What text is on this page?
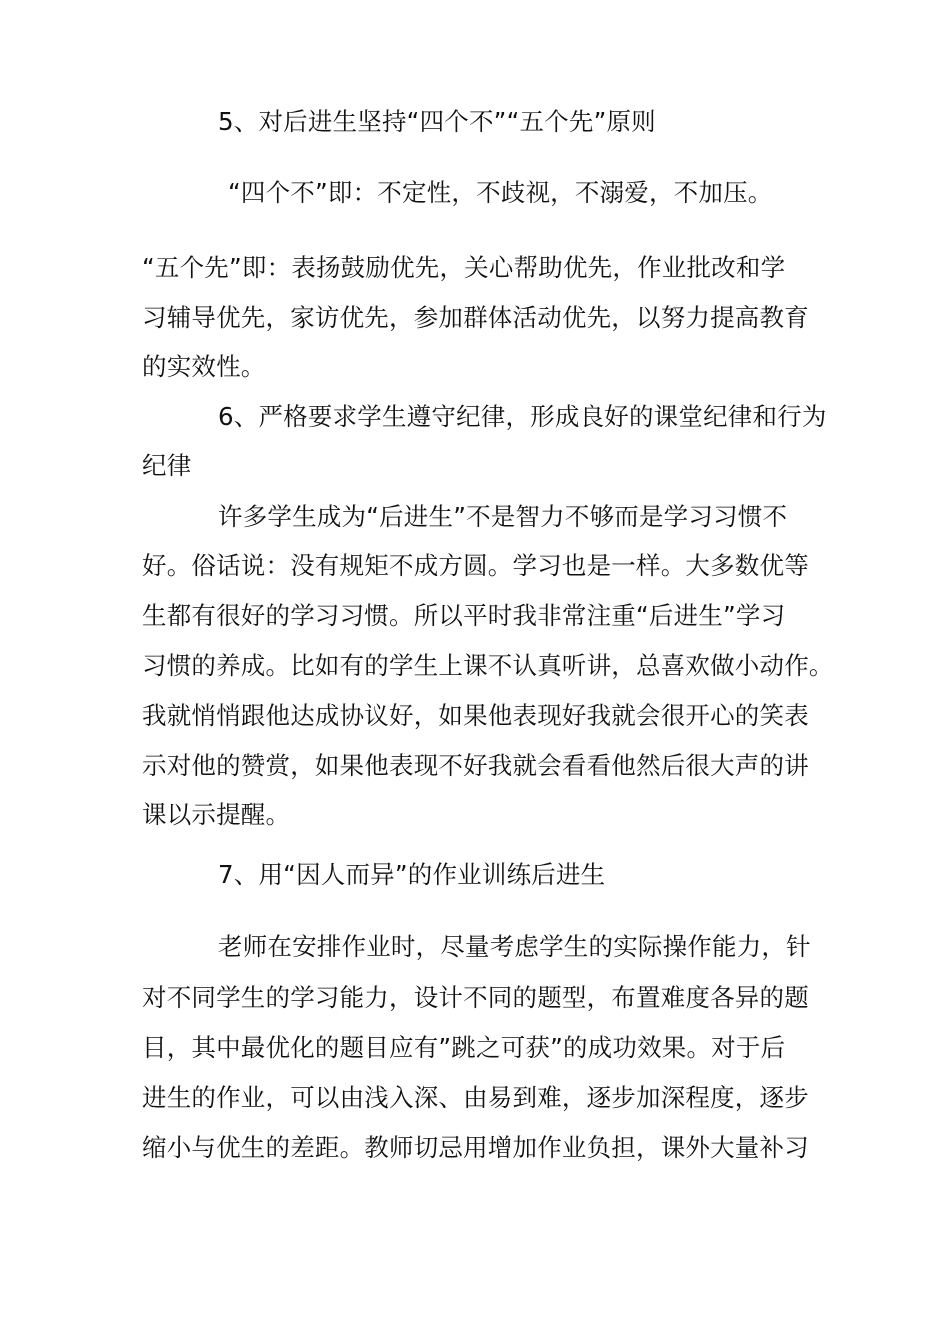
5、对后进生坚持“四个不”“五个先”原则
“四个不”即：不定性，不歧视，不溺爱，不加压。
“五个先”即：表扬鼓励优先，关心帮助优先，作业批改和学
习辅导优先，家访优先，参加群体活动优先，以努力提高教育
的实效性。
6、严格要求学生遵守纪律，形成良好的课堂纪律和行为
纪律
许多学生成为“后进生”不是智力不够而是学习习惯不
好。俗话说：没有规矩不成方圆。学习也是一样。大多数优等
生都有很好的学习习惯。所以平时我非常注重“后进生”学习
习惯的养成。比如有的学生上课不认真听讲，总喜欢做小动作。
我就悄悄跟他达成协议好，如果他表现好我就会很开心的笑表
示对他的赞赏，如果他表现不好我就会看看他然后很大声的讲
课以示提醒。
7、用“因人而异”的作业训练后进生
老师在安排作业时，尽量考虑学生的实际操作能力，针
对不同学生的学习能力，设计不同的题型，布置难度各异的题
目，其中最优化的题目应有”跳之可获”的成功效果。对于后
进生的作业，可以由浅入深、由易到难，逐步加深程度，逐步
缩小与优生的差距。教师切忌用增加作业负担，课外大量补习
